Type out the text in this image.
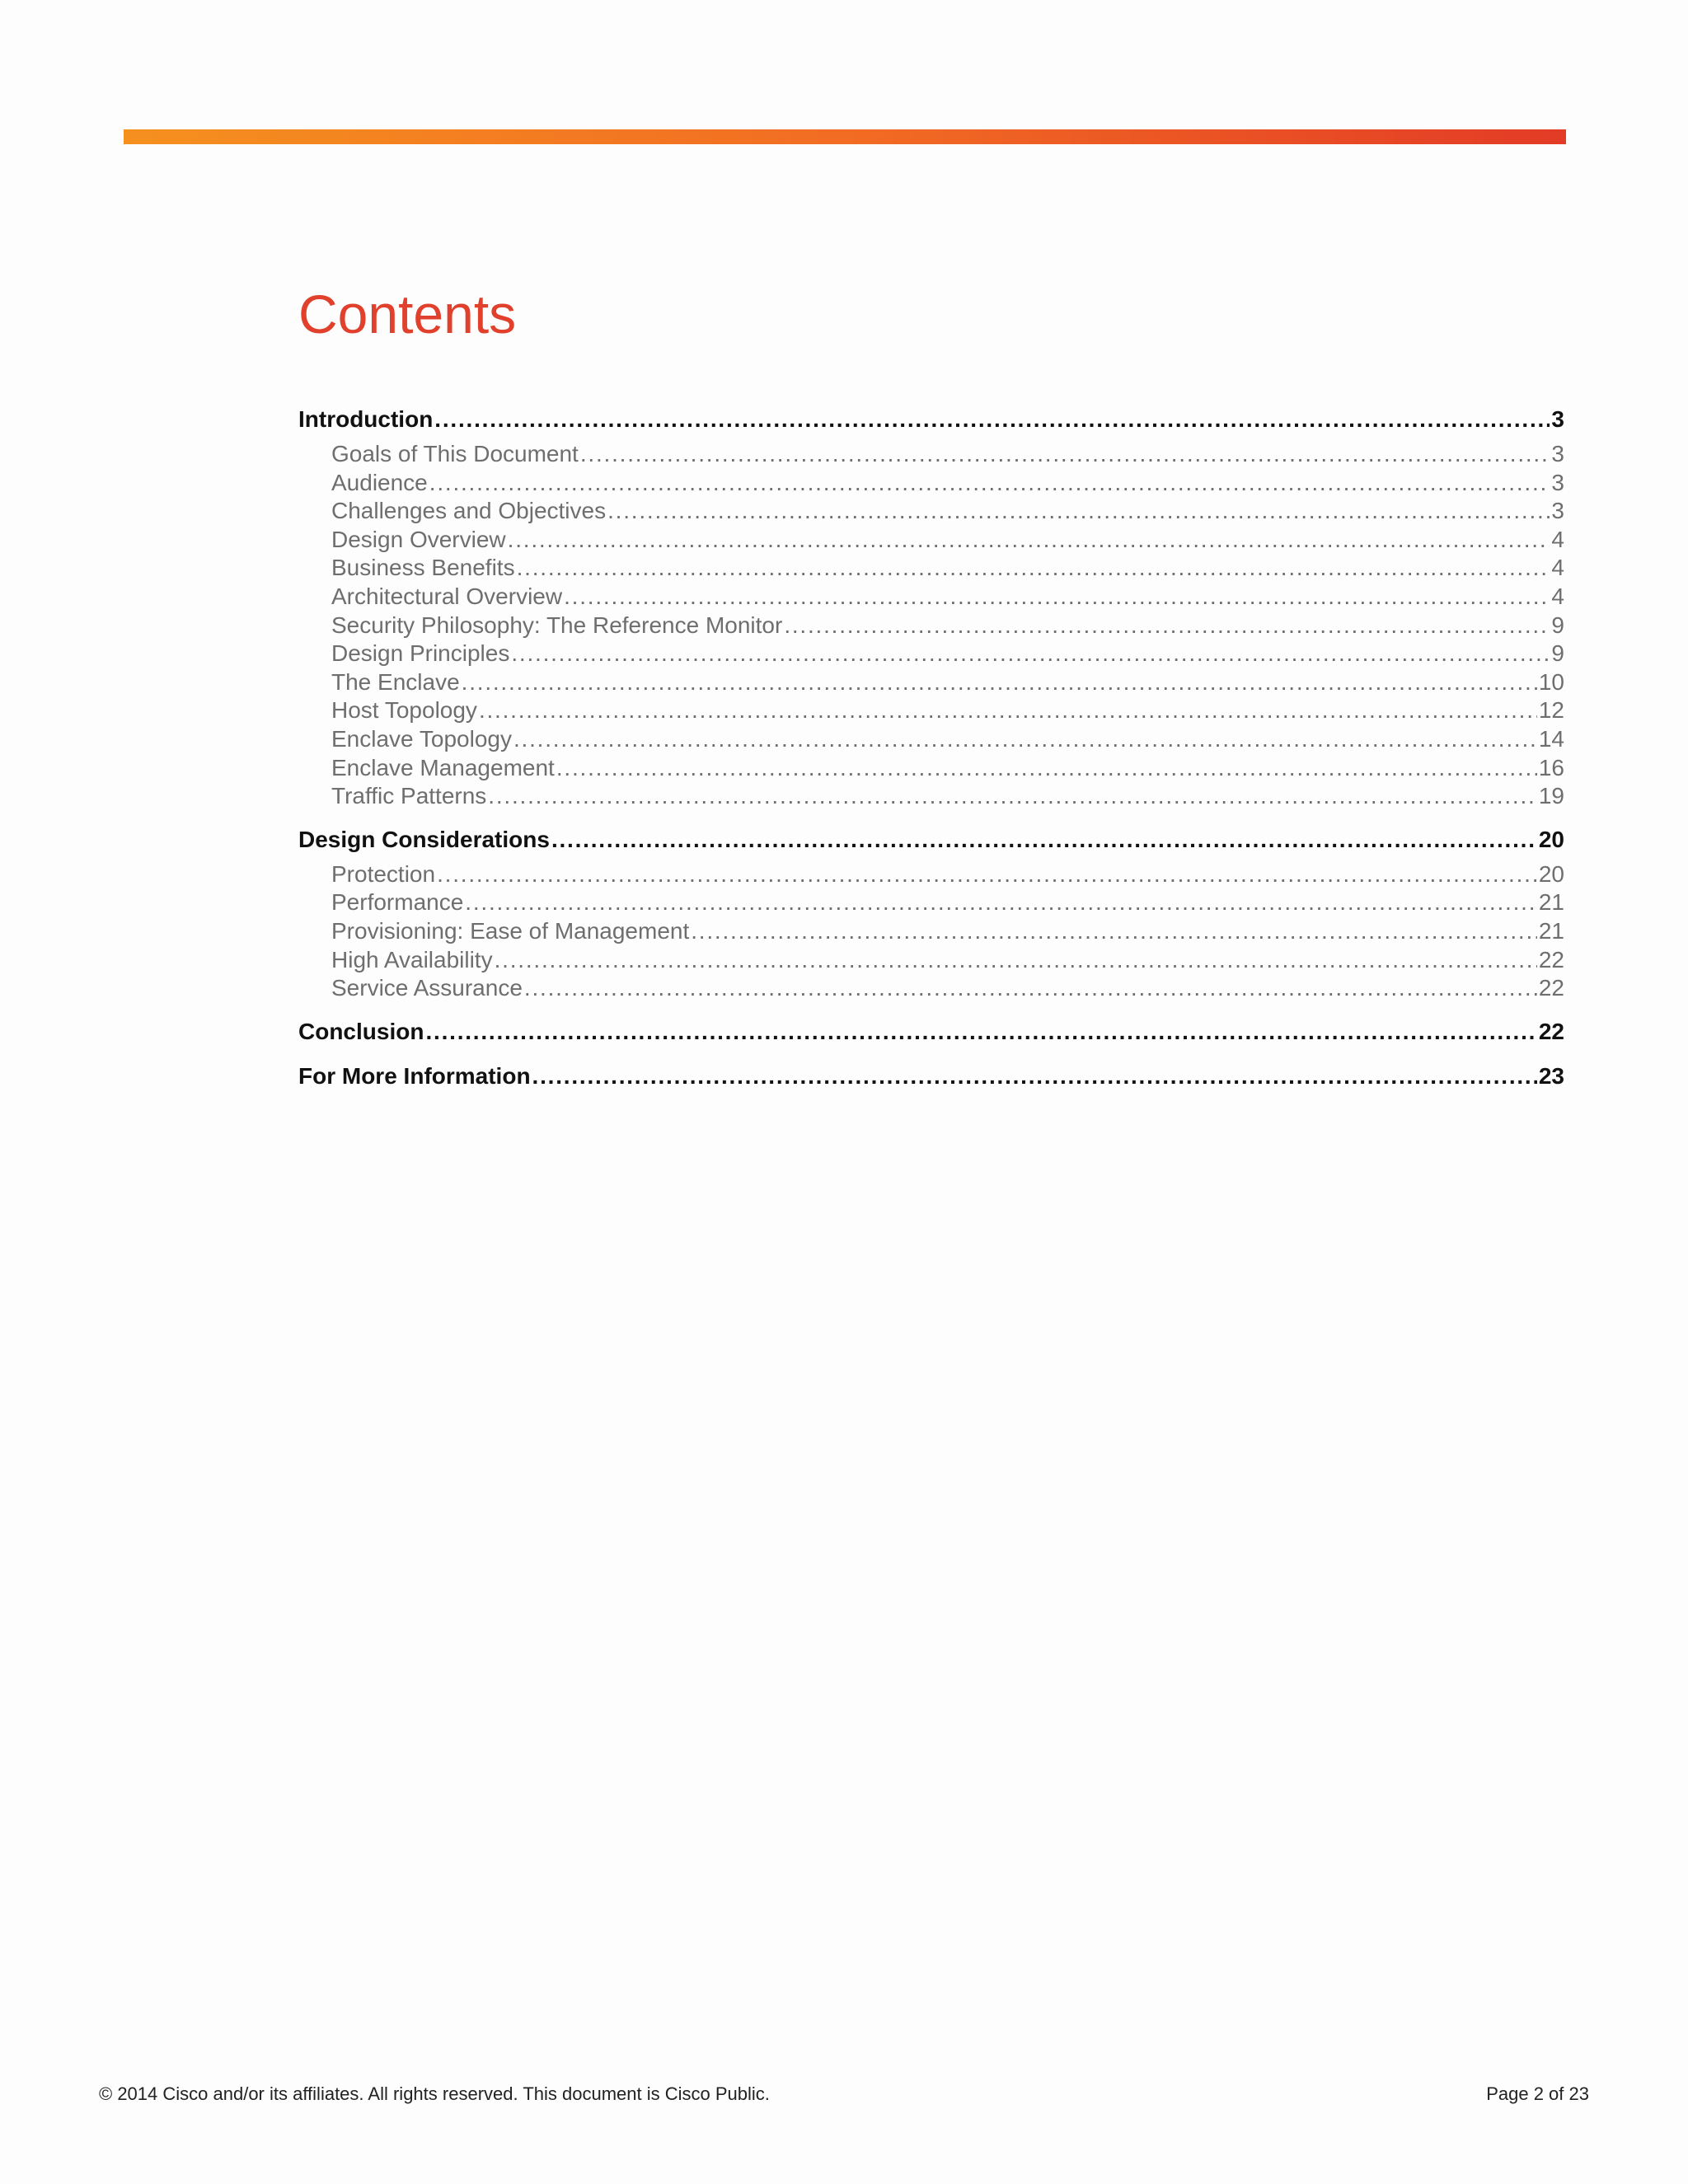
Contents
Introduction . . .	3
Goals of This Document . . .	3
Audience . . .	3
Challenges and Objectives . . .	3
Design Overview . . .	4
Business Benefits . . .	4
Architectural Overview . . .	4
Security Philosophy: The Reference Monitor . . .	9
Design Principles . . .	9
The Enclave . . .	10
Host Topology . . .	12
Enclave Topology . . .	14
Enclave Management . . .	16
Traffic Patterns . . .	19
Design Considerations . . .	20
Protection . . .	20
Performance . . .	21
Provisioning: Ease of Management . . .	21
High Availability . . .	22
Service Assurance . . .	22
Conclusion . . .	22
For More Information . . .	23
© 2014 Cisco and/or its affiliates. All rights reserved. This document is Cisco Public.	Page 2 of 23
